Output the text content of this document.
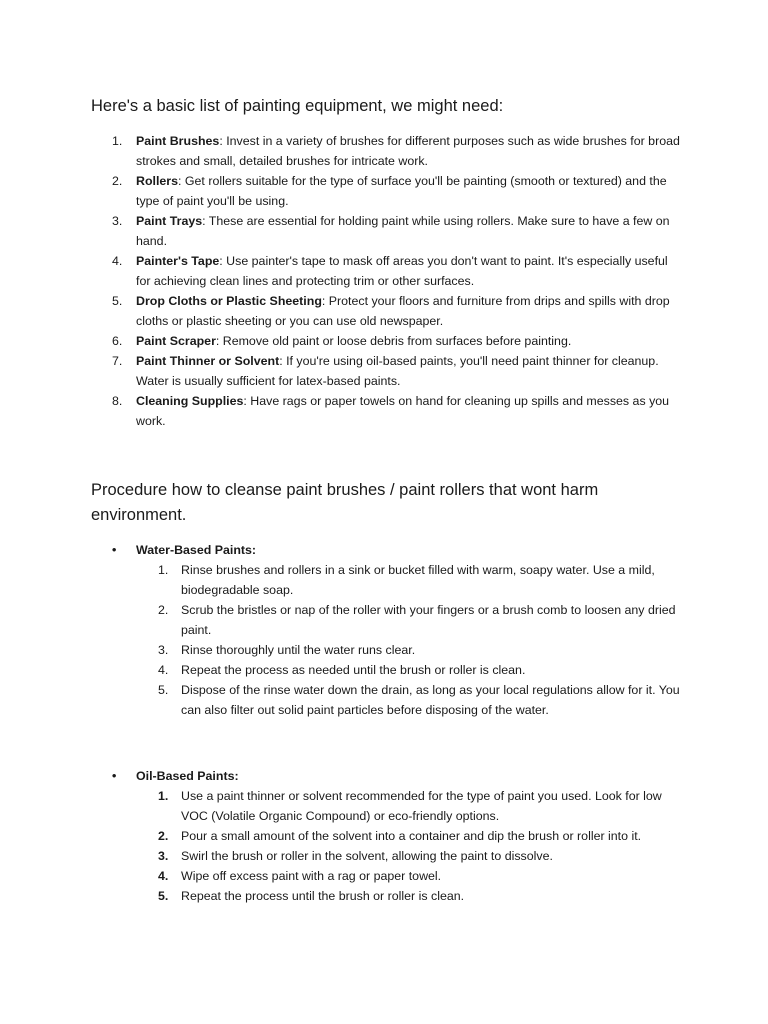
Here's a basic list of painting equipment, we might need:
1. Paint Brushes: Invest in a variety of brushes for different purposes such as wide brushes for broad strokes and small, detailed brushes for intricate work.
2. Rollers: Get rollers suitable for the type of surface you'll be painting (smooth or textured) and the type of paint you'll be using.
3. Paint Trays: These are essential for holding paint while using rollers. Make sure to have a few on hand.
4. Painter's Tape: Use painter's tape to mask off areas you don't want to paint. It's especially useful for achieving clean lines and protecting trim or other surfaces.
5. Drop Cloths or Plastic Sheeting: Protect your floors and furniture from drips and spills with drop cloths or plastic sheeting or you can use old newspaper.
6. Paint Scraper: Remove old paint or loose debris from surfaces before painting.
7. Paint Thinner or Solvent: If you're using oil-based paints, you'll need paint thinner for cleanup. Water is usually sufficient for latex-based paints.
8. Cleaning Supplies: Have rags or paper towels on hand for cleaning up spills and messes as you work.
Procedure how to cleanse paint brushes / paint rollers that wont harm environment.
• Water-Based Paints:
1. Rinse brushes and rollers in a sink or bucket filled with warm, soapy water. Use a mild, biodegradable soap.
2. Scrub the bristles or nap of the roller with your fingers or a brush comb to loosen any dried paint.
3. Rinse thoroughly until the water runs clear.
4. Repeat the process as needed until the brush or roller is clean.
5. Dispose of the rinse water down the drain, as long as your local regulations allow for it. You can also filter out solid paint particles before disposing of the water.
• Oil-Based Paints:
1. Use a paint thinner or solvent recommended for the type of paint you used. Look for low VOC (Volatile Organic Compound) or eco-friendly options.
2. Pour a small amount of the solvent into a container and dip the brush or roller into it.
3. Swirl the brush or roller in the solvent, allowing the paint to dissolve.
4. Wipe off excess paint with a rag or paper towel.
5. Repeat the process until the brush or roller is clean.
